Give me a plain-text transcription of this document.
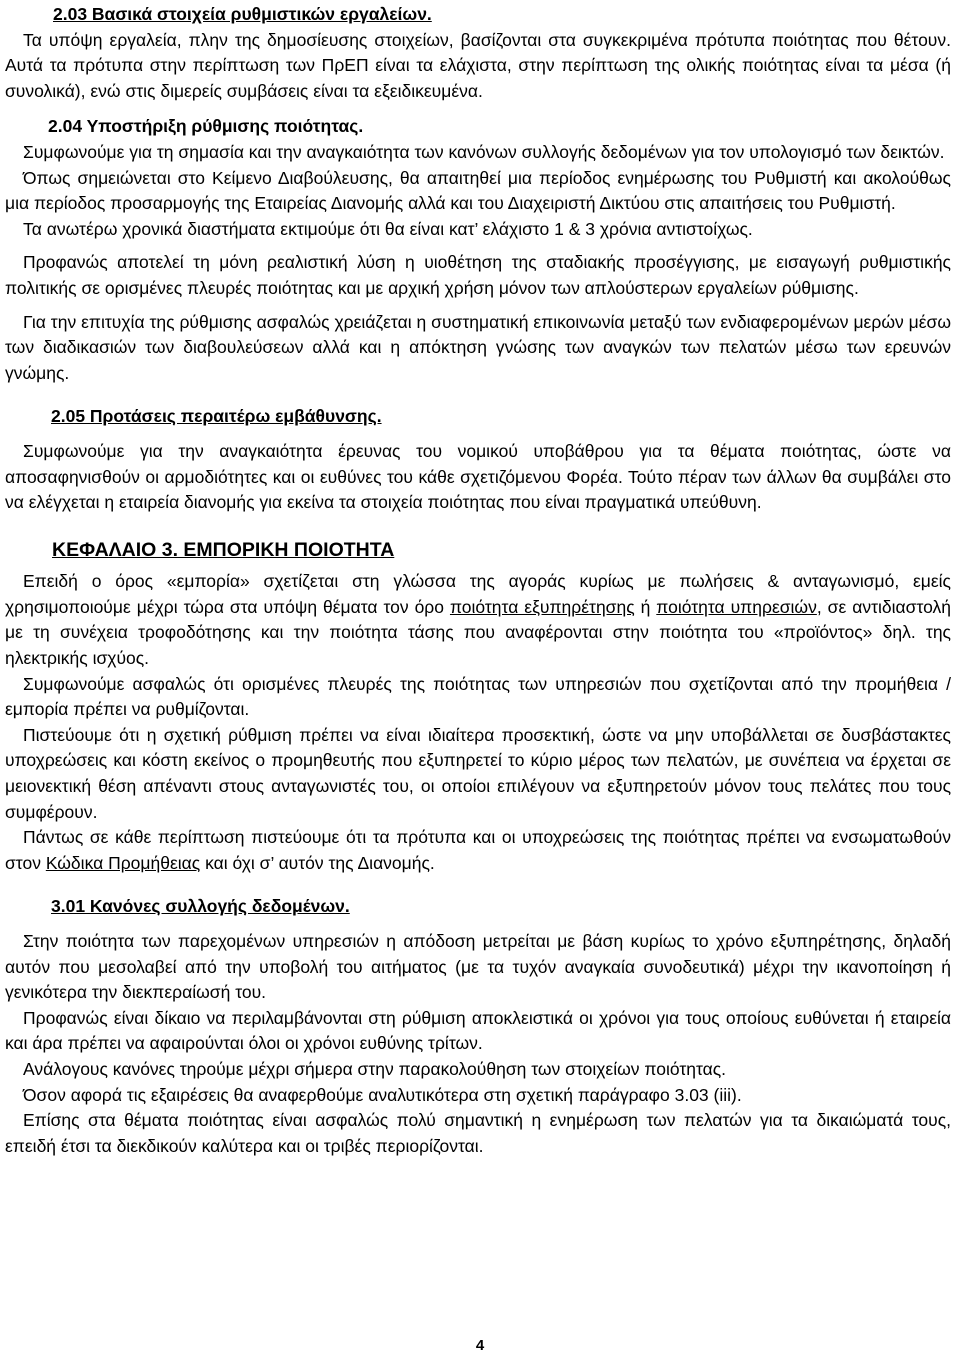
2.03 Βασικά στοιχεία ρυθμιστικών εργαλείων.

Τα υπόψη εργαλεία, πλην της δημοσίευσης στοιχείων, βασίζονται στα συγκεκριμένα πρότυπα ποιότητας που θέτουν. Αυτά τα πρότυπα στην περίπτωση των ΠρΕΠ είναι τα ελάχιστα, στην περίπτωση της ολικής ποιότητας είναι τα μέσα (ή συνολικά), ενώ στις διμερείς συμβάσεις είναι τα εξειδικευμένα.

2.04 Υποστήριξη ρύθμισης ποιότητας.

Συμφωνούμε για τη σημασία και την αναγκαιότητα των κανόνων συλλογής δεδομένων για τον υπολογισμό των δεικτών.

Όπως σημειώνεται στο Κείμενο Διαβούλευσης, θα απαιτηθεί μια περίοδος ενημέρωσης του Ρυθμιστή και ακολούθως μια περίοδος προσαρμογής της Εταιρείας Διανομής αλλά και του Διαχειριστή Δικτύου στις απαιτήσεις του Ρυθμιστή.

Τα ανωτέρω χρονικά διαστήματα εκτιμούμε ότι θα είναι κατ’ ελάχιστο 1 & 3 χρόνια αντιστοίχως.

Προφανώς αποτελεί τη μόνη ρεαλιστική λύση η υιοθέτηση της σταδιακής προσέγγισης, με εισαγωγή ρυθμιστικής πολιτικής σε ορισμένες πλευρές ποιότητας και με αρχική χρήση μόνον των απλούστερων εργαλείων ρύθμισης.

Για την επιτυχία της ρύθμισης ασφαλώς χρειάζεται η συστηματική επικοινωνία μεταξύ των ενδιαφερομένων μερών μέσω των διαδικασιών των διαβουλεύσεων αλλά και η απόκτηση γνώσης των αναγκών των πελατών μέσω των ερευνών γνώμης.

2.05 Προτάσεις περαιτέρω εμβάθυνσης.

Συμφωνούμε για την αναγκαιότητα έρευνας του νομικού υποβάθρου για τα θέματα ποιότητας, ώστε να αποσαφηνισθούν οι αρμοδιότητες και οι ευθύνες του κάθε σχετιζόμενου Φορέα. Τούτο πέραν των άλλων θα συμβάλει στο να ελέγχεται η εταιρεία διανομής για εκείνα τα στοιχεία ποιότητας που είναι πραγματικά υπεύθυνη.

ΚΕΦΑΛΑΙΟ 3. ΕΜΠΟΡΙΚΗ ΠΟΙΟΤΗΤΑ

Επειδή ο όρος «εμπορία» σχετίζεται στη γλώσσα της αγοράς κυρίως με πωλήσεις & ανταγωνισμό, εμείς χρησιμοποιούμε μέχρι τώρα στα υπόψη θέματα τον όρο ποιότητα εξυπηρέτησης ή ποιότητα υπηρεσιών, σε αντιδιαστολή με τη συνέχεια τροφοδότησης και την ποιότητα τάσης που αναφέρονται στην ποιότητα του «προϊόντος» δηλ. της ηλεκτρικής ισχύος.

Συμφωνούμε ασφαλώς ότι ορισμένες πλευρές της ποιότητας των υπηρεσιών που σχετίζονται από την προμήθεια / εμπορία πρέπει να ρυθμίζονται.

Πιστεύουμε ότι η σχετική ρύθμιση πρέπει να είναι ιδιαίτερα προσεκτική, ώστε να μην υποβάλλεται σε δυσβάστακτες υποχρεώσεις και κόστη εκείνος ο προμηθευτής που εξυπηρετεί το κύριο μέρος των πελατών, με συνέπεια να έρχεται σε μειονεκτική θέση απέναντι στους ανταγωνιστές του, οι οποίοι επιλέγουν να εξυπηρετούν μόνον τους πελάτες που τους συμφέρουν.

Πάντως σε κάθε περίπτωση πιστεύουμε ότι τα πρότυπα και οι υποχρεώσεις της ποιότητας πρέπει να ενσωματωθούν στον Κώδικα Προμήθειας και όχι σ’ αυτόν της Διανομής.

3.01 Κανόνες συλλογής δεδομένων.

Στην ποιότητα των παρεχομένων υπηρεσιών η απόδοση μετρείται με βάση κυρίως το χρόνο εξυπηρέτησης, δηλαδή αυτόν που μεσολαβεί από την υποβολή του αιτήματος (με τα τυχόν αναγκαία συνοδευτικά) μέχρι την ικανοποίηση ή γενικότερα την διεκπεραίωσή του.

Προφανώς είναι δίκαιο να περιλαμβάνονται στη ρύθμιση αποκλειστικά οι χρόνοι για τους οποίους ευθύνεται ή εταιρεία και άρα πρέπει να αφαιρούνται όλοι οι χρόνοι ευθύνης τρίτων.

Ανάλογους κανόνες τηρούμε μέχρι σήμερα στην παρακολούθηση των στοιχείων ποιότητας.

Όσον αφορά τις εξαιρέσεις θα αναφερθούμε αναλυτικότερα στη σχετική παράγραφο 3.03 (iii).

Επίσης στα θέματα ποιότητας είναι ασφαλώς πολύ σημαντική η ενημέρωση των πελατών για τα δικαιώματά τους, επειδή έτσι τα διεκδικούν καλύτερα και οι τριβές περιορίζονται.

4
